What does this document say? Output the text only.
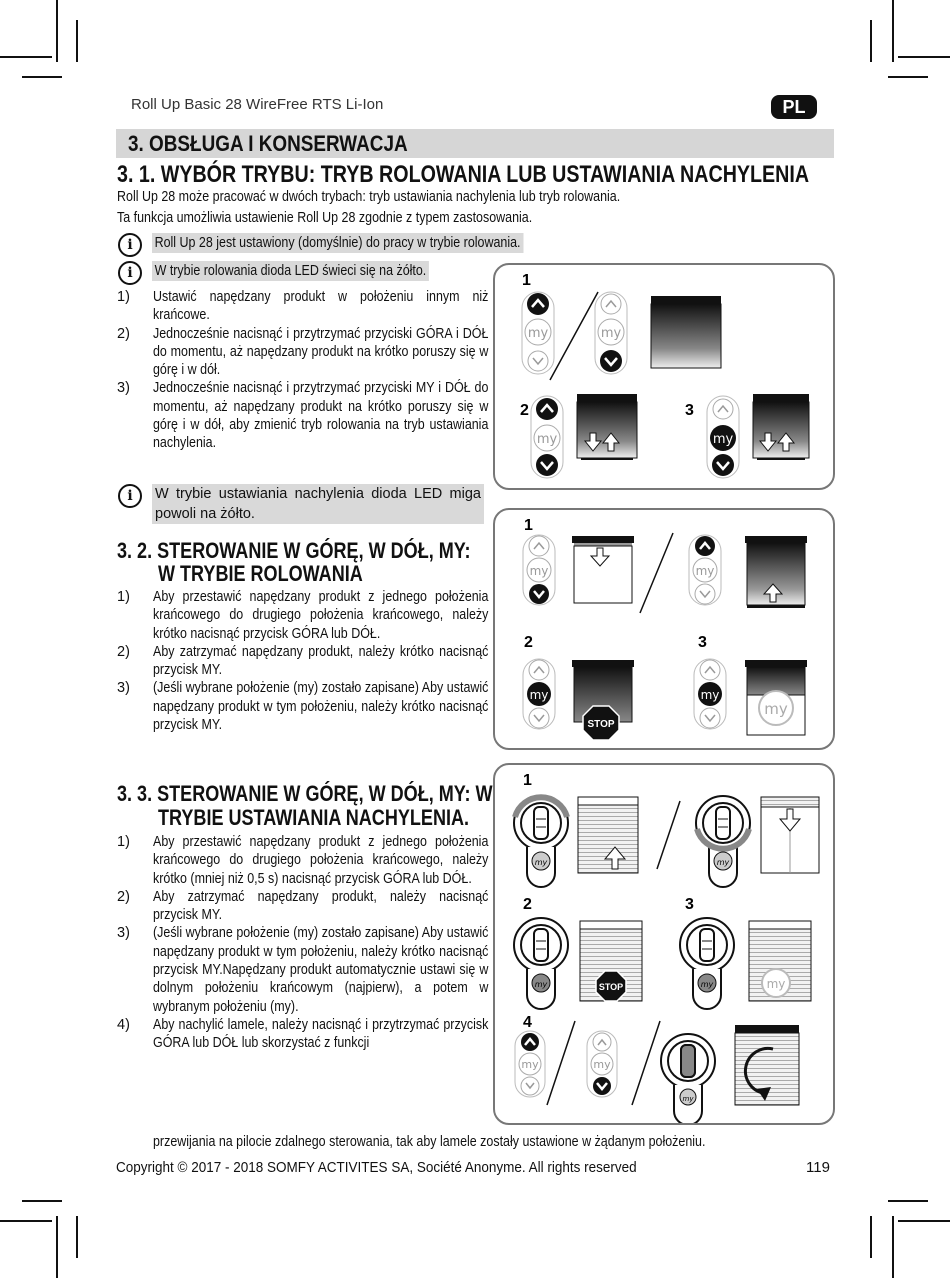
Roll Up Basic 28 WireFree RTS Li-Ion	PL
3. OBSŁUGA I KONSERWACJA
3. 1. WYBÓR TRYBU: TRYB ROLOWANIA LUB USTAWIANIA NACHYLENIA
Roll Up 28 może pracować w dwóch trybach: tryb ustawiania nachylenia lub tryb rolowania.
Ta funkcja umożliwia ustawienie Roll Up 28 zgodnie z typem zastosowania.
i	Roll Up 28 jest ustawiony (domyślnie) do pracy w trybie rolowania.
i	W trybie rolowania dioda LED świeci się na żółto.
1) Ustawić napędzany produkt w położeniu innym niż krańcowe.
2) Jednocześnie nacisnąć i przytrzymać przyciski GÓRA i DÓŁ do momentu, aż napędzany produkt na krótko poruszy się w górę i w dół.
3) Jednocześnie nacisnąć i przytrzymać przyciski MY i DÓŁ do momentu, aż napędzany produkt na krótko poruszy się w górę i w dół, aby zmienić tryb rolowania na tryb ustawiania nachylenia.
i	W trybie ustawiania nachylenia dioda LED miga powoli na żółto.
3. 2. STEROWANIE W GÓRĘ, W DÓŁ, MY:
W TRYBIE ROLOWANIA
1) Aby przestawić napędzany produkt z jednego położenia krańcowego do drugiego położenia krańcowego, należy krótko nacisnąć przycisk GÓRA lub DÓŁ.
2) Aby zatrzymać napędzany produkt, należy krótko nacisnąć przycisk MY.
3) (Jeśli wybrane położenie (my) zostało zapisane) Aby ustawić napędzany produkt w tym położeniu, należy krótko nacisnąć przycisk MY.
3. 3. STEROWANIE W GÓRĘ, W DÓŁ, MY: W
TRYBIE USTAWIANIA NACHYLENIA.
1) Aby przestawić napędzany produkt z jednego położenia krańcowego do drugiego położenia krańcowego, należy krótko (mniej niż 0,5 s) nacisnąć przycisk GÓRA lub DÓŁ.
2) Aby zatrzymać napędzany produkt, należy nacisnąć przycisk MY.
3) (Jeśli wybrane położenie (my) zostało zapisane) Aby ustawić napędzany produkt w tym położeniu, należy krótko nacisnąć przycisk MY.Napędzany produkt automatycznie ustawi się w dolnym położeniu krańcowym (najpierw), a potem w wybranym położeniu (my).
4) Aby nachylić lamele, należy nacisnąć i przytrzymać przycisk GÓRA lub DÓŁ lub skorzystać z funkcji
przewijania na pilocie zdalnego sterowania, tak aby lamele zostały ustawione w żądanym położeniu.
1
my	my
2
my
3
my
1
my	my
2
my
STOP
3
my
my
1
my	my
2
my	STOP
3
my	my
4
my	my
my
Copyright © 2017 - 2018 SOMFY ACTIVITES SA, Société Anonyme. All rights reserved	119
